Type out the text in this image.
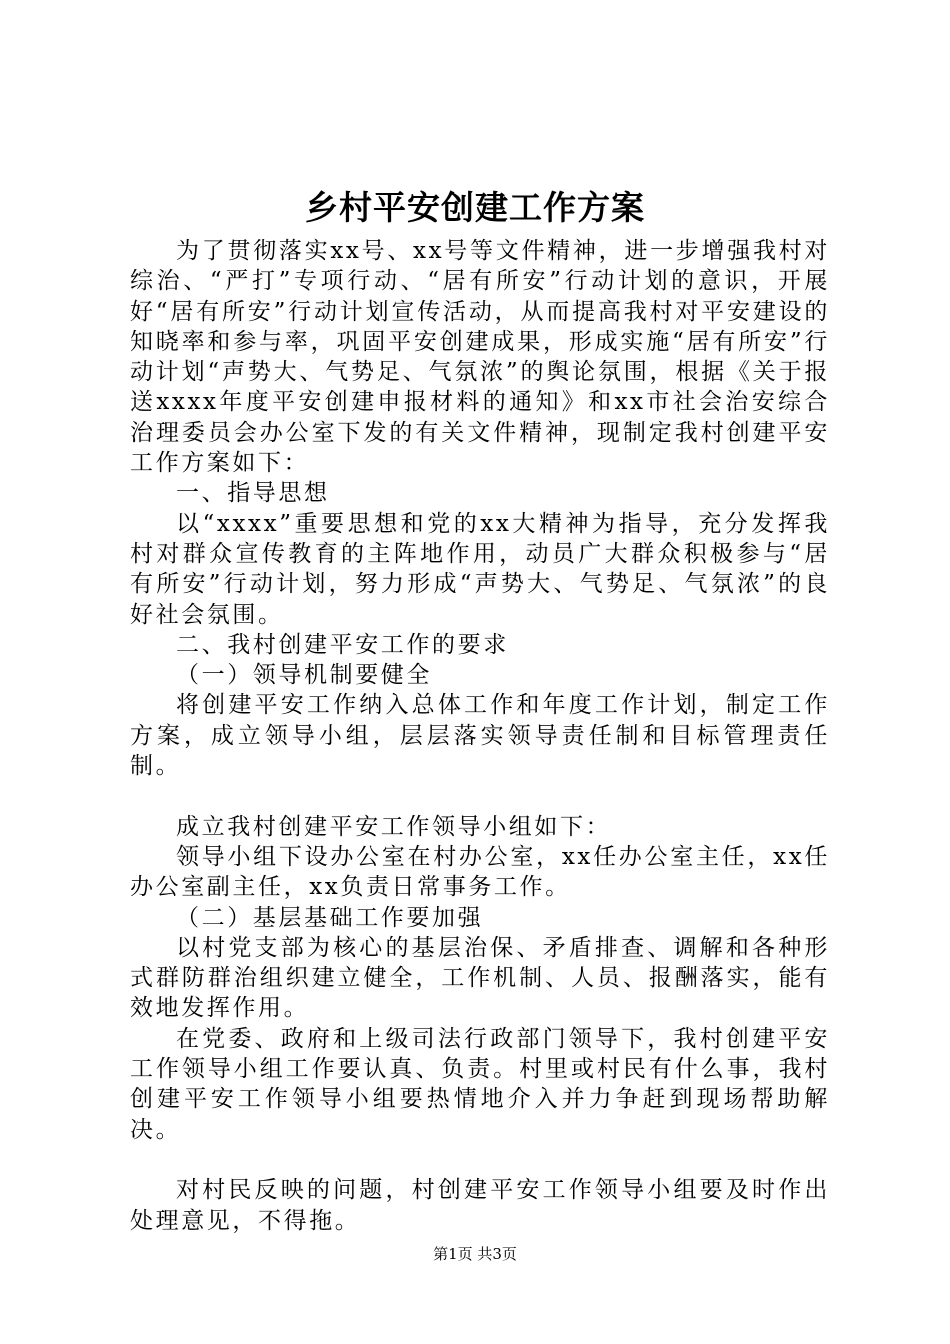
乡村平安创建工作方案

为了贯彻落实xx号、xx号等文件精神，进一步增强我村对综治、“严打”专项行动、“居有所安”行动计划的意识，开展好“居有所安”行动计划宣传活动，从而提高我村对平安建设的知晓率和参与率，巩固平安创建成果，形成实施“居有所安”行动计划“声势大、气势足、气氛浓”的舆论氛围，根据《关于报送xxxx年度平安创建申报材料的通知》和xx市社会治安综合治理委员会办公室下发的有关文件精神，现制定我村创建平安工作方案如下：

一、指导思想

以“xxxx”重要思想和党的xx大精神为指导，充分发挥我村对群众宣传教育的主阵地作用，动员广大群众积极参与“居有所安”行动计划，努力形成“声势大、气势足、气氛浓”的良好社会氛围。

二、我村创建平安工作的要求

（一）领导机制要健全

将创建平安工作纳入总体工作和年度工作计划，制定工作方案，成立领导小组，层层落实领导责任制和目标管理责任制。

成立我村创建平安工作领导小组如下：

领导小组下设办公室在村办公室，xx任办公室主任，xx任办公室副主任，xx负责日常事务工作。

（二）基层基础工作要加强

以村党支部为核心的基层治保、矛盾排查、调解和各种形式群防群治组织建立健全，工作机制、人员、报酬落实，能有效地发挥作用。

在党委、政府和上级司法行政部门领导下，我村创建平安工作领导小组工作要认真、负责。村里或村民有什么事，我村创建平安工作领导小组要热情地介入并力争赶到现场帮助解决。

对村民反映的问题，村创建平安工作领导小组要及时作出处理意见，不得拖。

第1页 共3页
